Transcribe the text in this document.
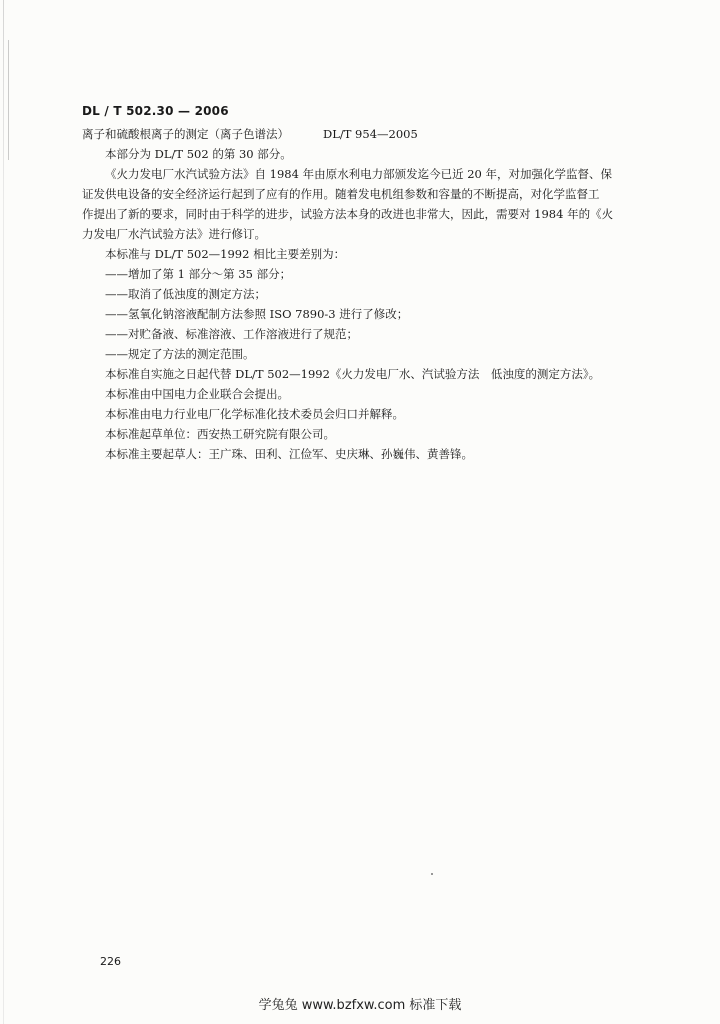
DL / T 502.30 — 2006
离子和硫酸根离子的测定（离子色谱法）	DL/T 954—2005
本部分为 DL/T 502 的第 30 部分。
《火力发电厂水汽试验方法》自 1984 年由原水利电力部颁发迄今已近 20 年，对加强化学监督、保
证发供电设备的安全经济运行起到了应有的作用。随着发电机组参数和容量的不断提高，对化学监督工
作提出了新的要求，同时由于科学的进步，试验方法本身的改进也非常大，因此，需要对 1984 年的《火
力发电厂水汽试验方法》进行修订。
本标准与 DL/T 502—1992 相比主要差别为：
——增加了第 1 部分～第 35 部分；
——取消了低浊度的测定方法；
——氢氧化钠溶液配制方法参照 ISO 7890-3 进行了修改；
——对贮备液、标准溶液、工作溶液进行了规范；
——规定了方法的测定范围。
本标准自实施之日起代替 DL/T 502—1992《火力发电厂水、汽试验方法　低浊度的测定方法》。
本标准由中国电力企业联合会提出。
本标准由电力行业电厂化学标准化技术委员会归口并解释。
本标准起草单位：西安热工研究院有限公司。
本标准主要起草人：王广珠、田利、江俭军、史庆琳、孙巍伟、黄善锋。
226
学兔兔 www.bzfxw.com 标准下载
